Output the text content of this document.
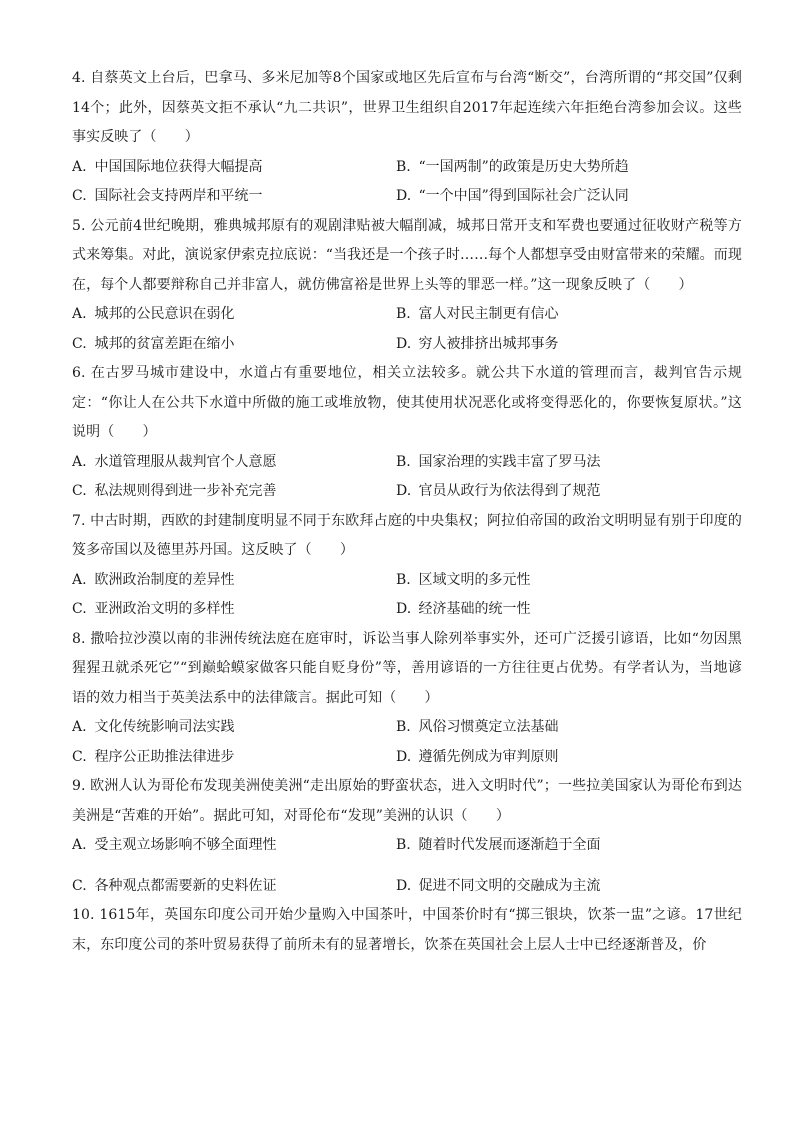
4. 自蔡英文上台后，巴拿马、多米尼加等8个国家或地区先后宣布与台湾“断交”，台湾所谓的“邦交国”仅剩14个；此外，因蔡英文拒不承认“九二共识”，世界卫生组织自2017年起连续六年拒绝台湾参加会议。这些事实反映了（　　）

A. 中国国际地位获得大幅提高	B. “一国两制”的政策是历史大势所趋
C. 国际社会支持两岸和平统一	D. “一个中国”得到国际社会广泛认同

5. 公元前4世纪晚期，雅典城邦原有的观剧津贴被大幅削减，城邦日常开支和军费也要通过征收财产税等方式来筹集。对此，演说家伊索克拉底说：“当我还是一个孩子时……每个人都想享受由财富带来的荣耀。而现在，每个人都要辩称自己并非富人，就仿佛富裕是世界上头等的罪恶一样。”这一现象反映了（　　）

A. 城邦的公民意识在弱化	B. 富人对民主制更有信心
C. 城邦的贫富差距在缩小	D. 穷人被排挤出城邦事务

6. 在古罗马城市建设中，水道占有重要地位，相关立法较多。就公共下水道的管理而言，裁判官告示规定：“你让人在公共下水道中所做的施工或堆放物，使其使用状况恶化或将变得恶化的，你要恢复原状。”这说明（　　）

A. 水道管理服从裁判官个人意愿	B. 国家治理的实践丰富了罗马法
C. 私法规则得到进一步补充完善	D. 官员从政行为依法得到了规范

7. 中古时期，西欧的封建制度明显不同于东欧拜占庭的中央集权；阿拉伯帝国的政治文明明显有别于印度的笈多帝国以及德里苏丹国。这反映了（　　）

A. 欧洲政治制度的差异性	B. 区域文明的多元性
C. 亚洲政治文明的多样性	D. 经济基础的统一性

8. 撒哈拉沙漠以南的非洲传统法庭在庭审时，诉讼当事人除列举事实外，还可广泛援引谚语，比如“勿因黑猩猩丑就杀死它”“到巅蛤蟆家做客只能自贬身份”等，善用谚语的一方往往更占优势。有学者认为，当地谚语的效力相当于英美法系中的法律箴言。据此可知（　　）

A. 文化传统影响司法实践	B. 风俗习惯奠定立法基础
C. 程序公正助推法律进步	D. 遵循先例成为审判原则

9. 欧洲人认为哥伦布发现美洲使美洲“走出原始的野蛮状态，进入文明时代”；一些拉美国家认为哥伦布到达美洲是“苦难的开始”。据此可知，对哥伦布“发现”美洲的认识（　　）

A. 受主观立场影响不够全面理性	B. 随着时代发展而逐渐趋于全面
C. 各种观点都需要新的史料佐证	D. 促进不同文明的交融成为主流

10. 1615年，英国东印度公司开始少量购入中国茶叶，中国茶价时有“掷三银块，饮茶一盅”之谚。17世纪末，东印度公司的茶叶贸易获得了前所未有的显著增长，饮茶在英国社会上层人士中已经逐渐普及，价
